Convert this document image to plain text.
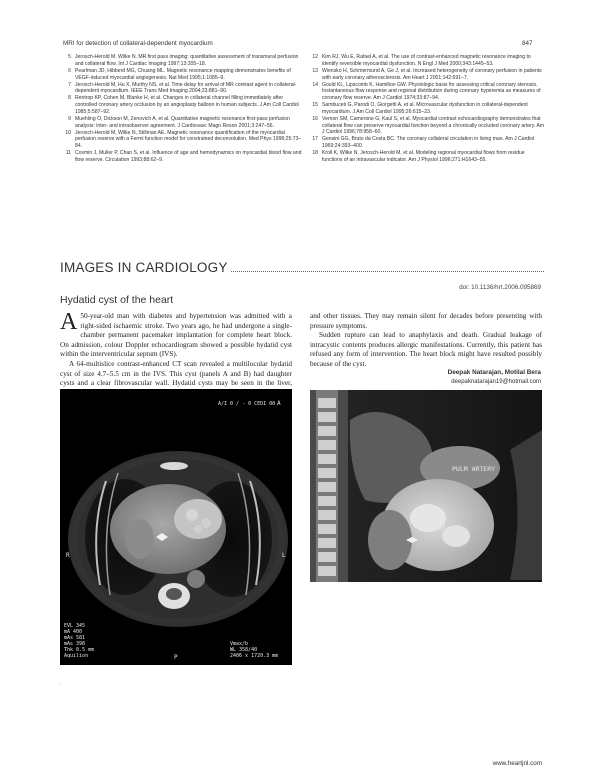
MRI for detection of collateral-dependent myocardium	847
5 Jerosch-Herold M, Wilke N. MR first pass imaging: quantitative assessment of transmural perfusion and collateral flow. Int J Cardiac Imaging 1997;13:205–18.
6 Pearlman JD, Hibberd MG, Chuang ML. Magnetic resonance mapping demonstrates benefits of VEGF-induced myocardial angiogenesis. Nat Med 1995;1:1085–9.
7 Jerosch-Herold M, Hu X, Murthy NS, et al. Time delay for arrival of MR contrast agent in collateral-dependent myocardium. IEEE Trans Med Imaging 2004;23:881–90.
8 Rentrop KP, Cohen M, Blanke H, et al. Changes in collateral channel filling immediately after controlled coronary artery occlusion by an angioplasty balloon in human subjects. J Am Coll Cardiol 1985;5:587–92.
9 Muehling O, Dickson M, Zenovich A, et al. Quantitative magnetic resonance first-pass perfusion analysis: inter- and intraobserver agreement. J Cardiovasc Magn Reson 2001;3:247–56.
10 Jerosch-Herold M, Wilke N, Stillman AE. Magnetic resonance quantification of the myocardial perfusion reserve with a Fermi function model for constrained deconvolution. Med Phys 1998;25:73–84.
11 Cosmin J, Muller P, Chan S, et al. Influence of age and hemodynamics on myocardial blood flow and flow reserve. Circulation 1993;88:62–9.
12 Kim RJ, Wu E, Rafael A, et al. The use of contrast-enhanced magnetic resonance imaging to identify reversible myocardial dysfunction. N Engl J Med 2000;343:1445–53.
13 Wiensko H, Schmermund A, Ge J, et al. Increased heterogeneity of coronary perfusion in patients with early coronary atherosclerosis. Am Heart J 2001;142:691–7.
14 Gould KL, Lipscomb K, Hamilton GW. Physiologic basis for assessing critical coronary stenosis. Instantaneous flow response and regional distribution during coronary hyperemia as measures of coronary flow reserve. Am J Cardiol 1974;33:87–94.
15 Sambuceti G, Parodi O, Giorgetti A, et al. Microvascular dysfunction in collateral-dependent myocardium. J Am Coll Cardiol 1995;26:615–23.
16 Vernon SM, Camerone G, Kaul S, et al. Myocardial contrast echocardiography demonstrates that collateral flow can preserve myocardial function beyond a chronically occluded coronary artery. Am J Cardiol 1996;78:958–60.
17 Gensini GG, Bruto da Costa BC. The coronary collateral circulation in living man. Am J Cardiol 1969;24:393–400.
18 Kroll K, Wilke N, Jerosch-Herold M, et al. Modeling regional myocardial flows from residue functions of an intravascular indicator. Am J Physiol 1996;271:H1643–55.
IMAGES IN CARDIOLOGY
doi: 10.1136/hrt.2006.095869
Hydatid cyst of the heart

A 50-year-old man with diabetes and hypertension was admitted with a right-sided ischaemic stroke. Two years ago, he had undergone a single-chamber permanent pacemaker implantation for complete heart block. On admission, colour Doppler echocardiogram showed a possible hydatid cyst within the interventricular septum (IVS).

A 64-multislice contrast-enhanced CT scan revealed a multilocular hydatid cyst of size 4.7–5.5 cm in the IVS. This cyst (panels A and B) had daughter cysts and a clear fibrovascular wall. Hydatid cysts may be seen in the liver,

and other tissues. They may remain silent for decades before presenting with pressure symptoms.

Sudden rupture can lead to anaphylaxis and death. Gradual leakage of intracystic contents produces allergic manifestations. Currently, this patient has refused any form of intervention. The heart block might have resulted possibly because of the cyst.

Deepak Natarajan, Motilal Bera
deepaknatarajan19@hotmail.com
A/I 0 / - 0 CEDI 00 A
R	L
P
EVL 345
mA 400
mAs 581
mAs 398
Thk 0.5 mm
Aquilion
Vmax/b
WL 358/40
2406 x 1720.3 mm
PULM ARTERY
CYST
.
www.heartjnl.com
